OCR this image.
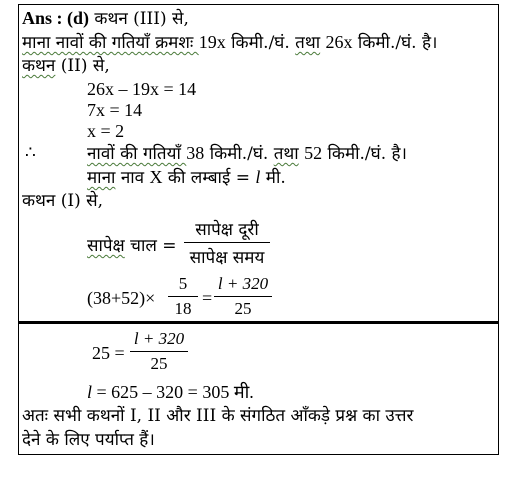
Ans : (d) कथन (III) से,
माना नावों की गतियाँ क्रमशः 19x किमी./घं. तथा 26x किमी./घं. है।
कथन (II) से,
26x – 19x = 14
7x = 14
x = 2
∴	नावों की गतियाँ 38 किमी./घं. तथा 52 किमी./घं. है।
माना नाव X की लम्बाई = l मी.
कथन (I) से,
सापेक्ष चाल =
सापेक्ष दूरी
सापेक्ष समय
(38+52)×
5
18
=
l + 320
25
25 =
l + 320
25
l = 625 – 320 = 305 मी.
अतः सभी कथनों I, II और III के संगठित आँकड़े प्रश्न का उत्तर
देने के लिए पर्याप्त हैं।
